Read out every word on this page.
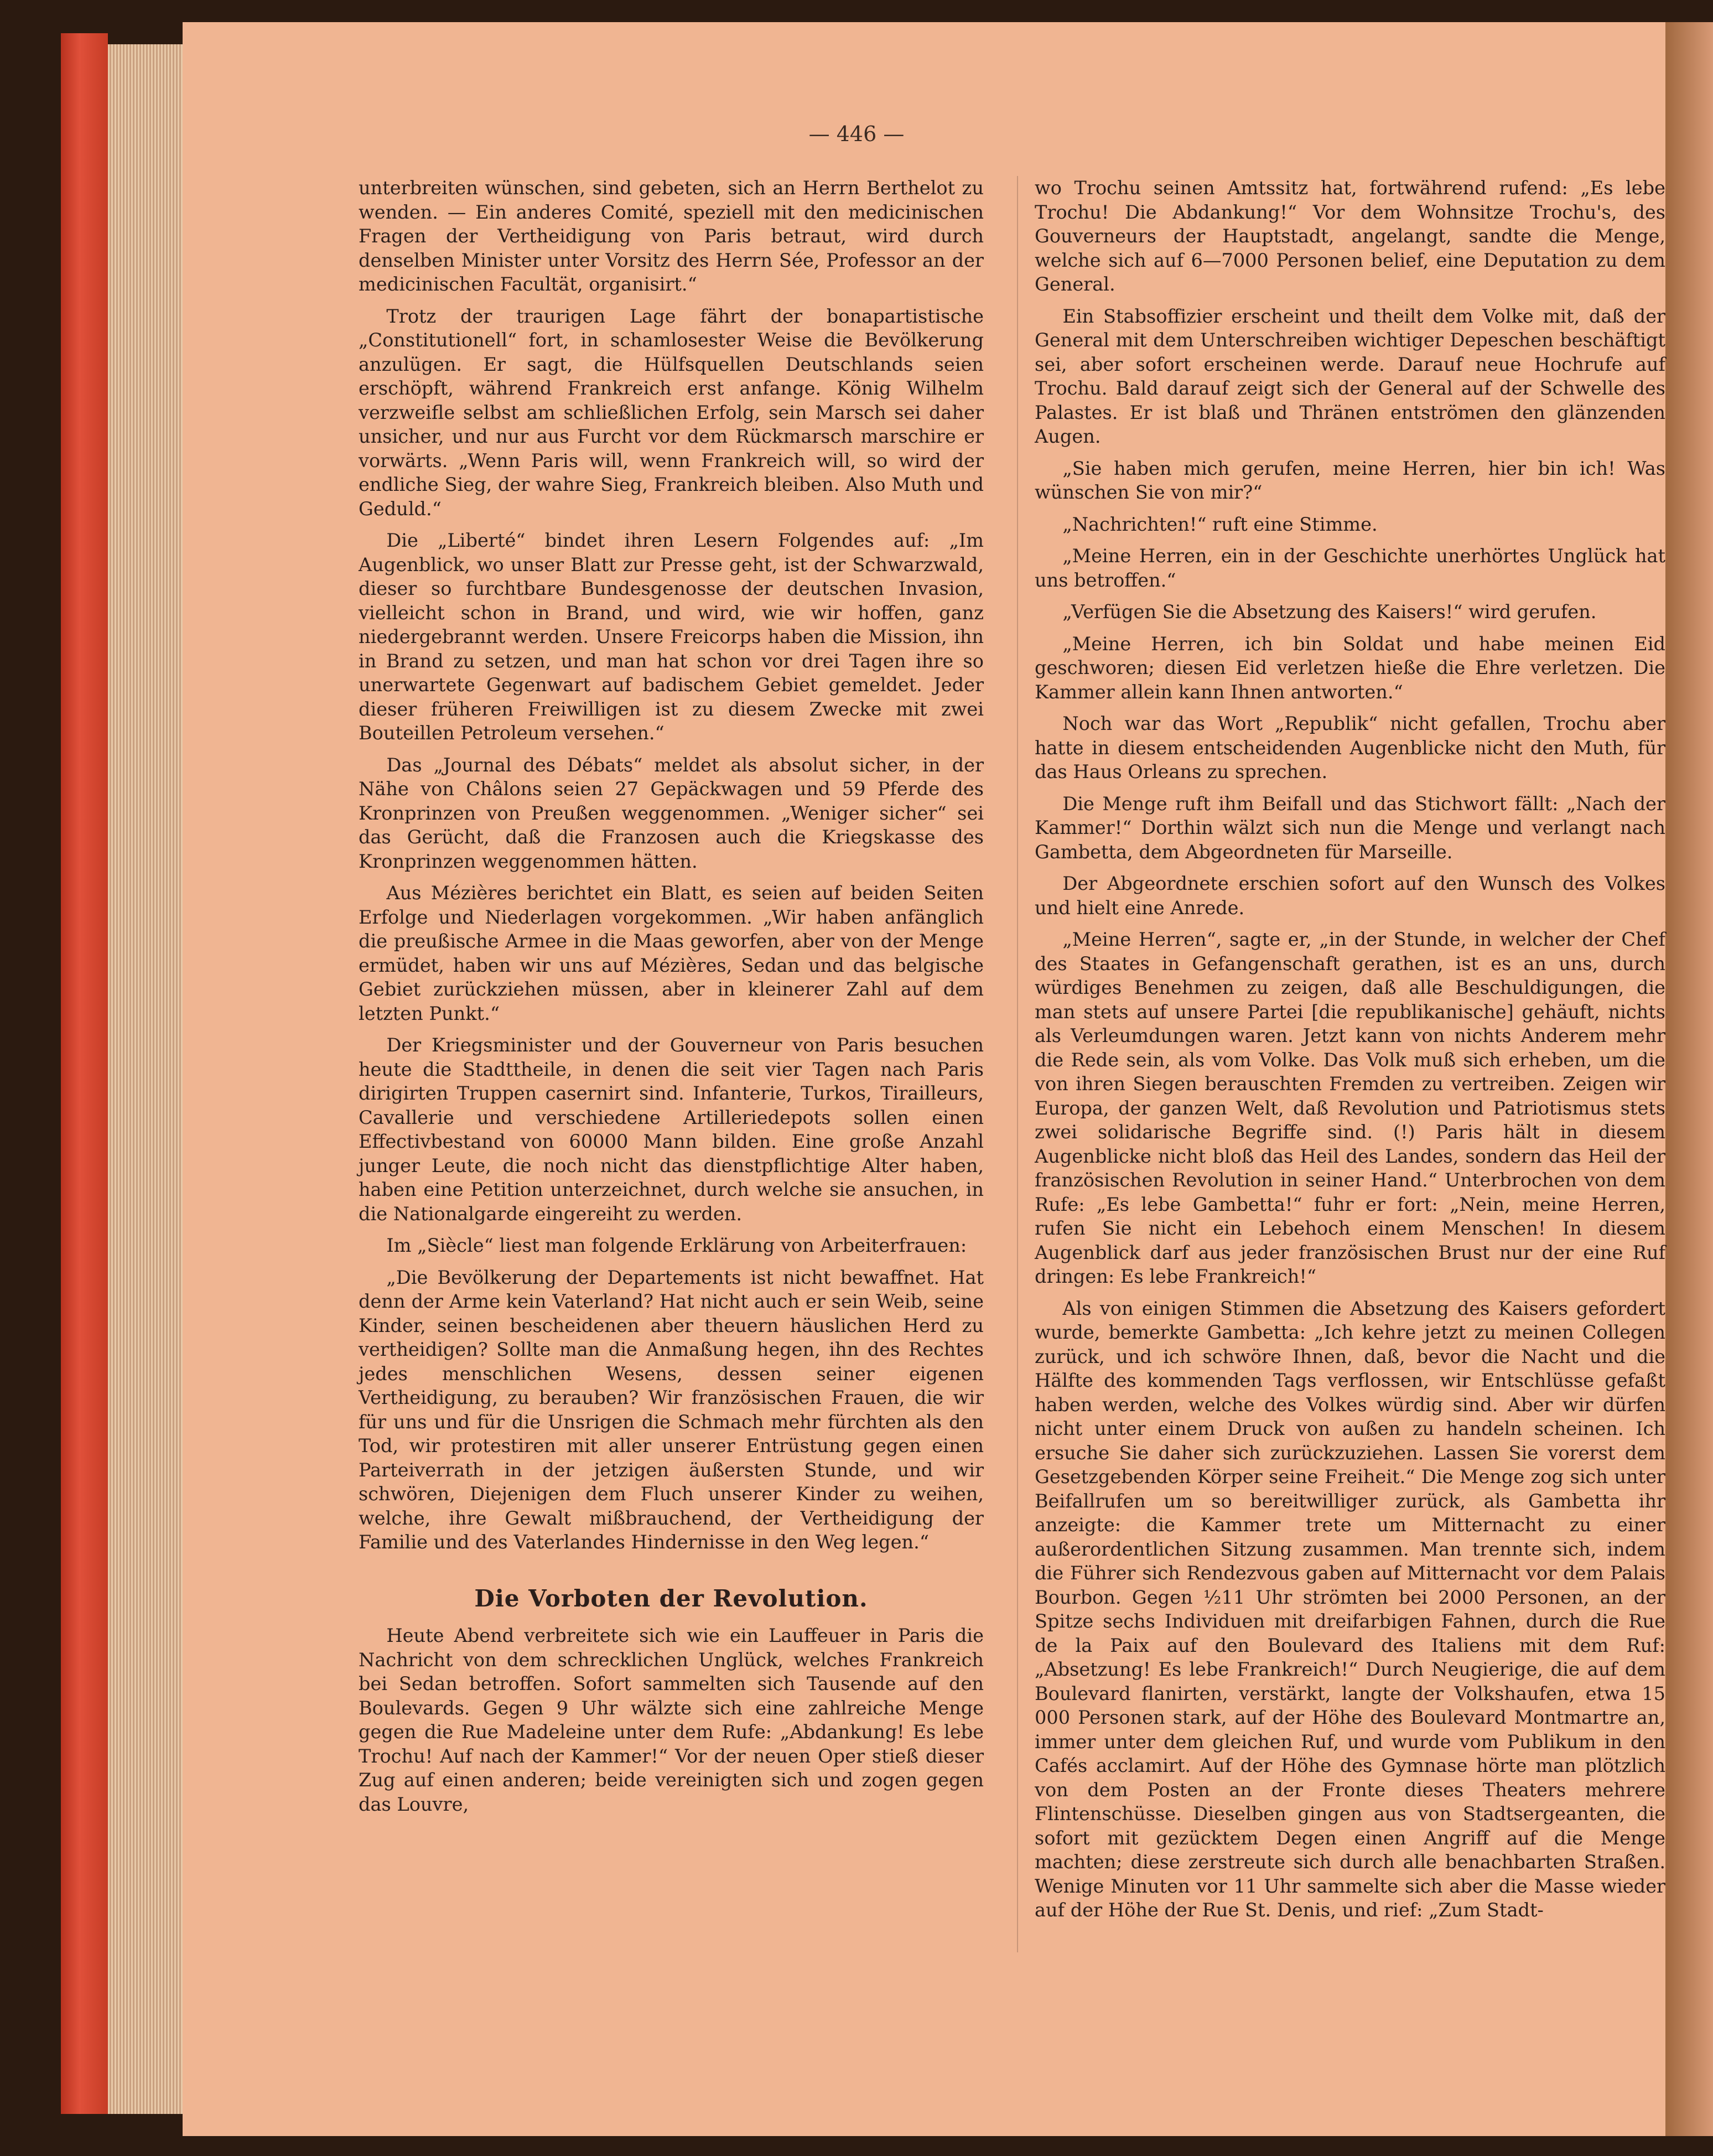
— 446 —

unterbreiten wünschen, sind gebeten, sich an Herrn Berthelot zu wenden. — Ein anderes Comité, speziell mit den medicinischen Fragen der Vertheidigung von Paris betraut, wird durch denselben Minister unter Vorsitz des Herrn Sée, Professor an der medicinischen Facultät, organisirt.“

Trotz der traurigen Lage fährt der bonapartistische „Constitutionell“ fort, in schamlosester Weise die Bevölkerung anzulügen. Er sagt, die Hülfsquellen Deutschlands seien erschöpft, während Frankreich erst anfange. König Wilhelm verzweifle selbst am schließlichen Erfolg, sein Marsch sei daher unsicher, und nur aus Furcht vor dem Rückmarsch marschire er vorwärts. „Wenn Paris will, wenn Frankreich will, so wird der endliche Sieg, der wahre Sieg, Frankreich bleiben. Also Muth und Geduld.“

Die „Liberté“ bindet ihren Lesern Folgendes auf: „Im Augenblick, wo unser Blatt zur Presse geht, ist der Schwarzwald, dieser so furchtbare Bundesgenosse der deutschen Invasion, vielleicht schon in Brand, und wird, wie wir hoffen, ganz niedergebrannt werden. Unsere Freicorps haben die Mission, ihn in Brand zu setzen, und man hat schon vor drei Tagen ihre so unerwartete Gegenwart auf badischem Gebiet gemeldet. Jeder dieser früheren Freiwilligen ist zu diesem Zwecke mit zwei Bouteillen Petroleum versehen.“

Das „Journal des Débats“ meldet als absolut sicher, in der Nähe von Châlons seien 27 Gepäckwagen und 59 Pferde des Kronprinzen von Preußen weggenommen. „Weniger sicher“ sei das Gerücht, daß die Franzosen auch die Kriegskasse des Kronprinzen weggenommen hätten.

Aus Mézières berichtet ein Blatt, es seien auf beiden Seiten Erfolge und Niederlagen vorgekommen. „Wir haben anfänglich die preußische Armee in die Maas geworfen, aber von der Menge ermüdet, haben wir uns auf Mézières, Sedan und das belgische Gebiet zurückziehen müssen, aber in kleinerer Zahl auf dem letzten Punkt.“

Der Kriegsminister und der Gouverneur von Paris besuchen heute die Stadttheile, in denen die seit vier Tagen nach Paris dirigirten Truppen casernirt sind. Infanterie, Turkos, Tirailleurs, Cavallerie und verschiedene Artilleriedepots sollen einen Effectivbestand von 60000 Mann bilden. Eine große Anzahl junger Leute, die noch nicht das dienstpflichtige Alter haben, haben eine Petition unterzeichnet, durch welche sie ansuchen, in die Nationalgarde eingereiht zu werden.

Im „Siècle“ liest man folgende Erklärung von Arbeiterfrauen:

„Die Bevölkerung der Departements ist nicht bewaffnet. Hat denn der Arme kein Vaterland? Hat nicht auch er sein Weib, seine Kinder, seinen bescheidenen aber theuern häuslichen Herd zu vertheidigen? Sollte man die Anmaßung hegen, ihn des Rechtes jedes menschlichen Wesens, dessen seiner eigenen Vertheidigung, zu berauben? Wir französischen Frauen, die wir für uns und für die Unsrigen die Schmach mehr fürchten als den Tod, wir protestiren mit aller unserer Entrüstung gegen einen Parteiverrath in der jetzigen äußersten Stunde, und wir schwören, Diejenigen dem Fluch unserer Kinder zu weihen, welche, ihre Gewalt mißbrauchend, der Vertheidigung der Familie und des Vaterlandes Hindernisse in den Weg legen.“

Die Vorboten der Revolution.

Heute Abend verbreitete sich wie ein Lauffeuer in Paris die Nachricht von dem schrecklichen Unglück, welches Frankreich bei Sedan betroffen. Sofort sammelten sich Tausende auf den Boulevards. Gegen 9 Uhr wälzte sich eine zahlreiche Menge gegen die Rue Madeleine unter dem Rufe: „Abdankung! Es lebe Trochu! Auf nach der Kammer!“ Vor der neuen Oper stieß dieser Zug auf einen anderen; beide vereinigten sich und zogen gegen das Louvre,

wo Trochu seinen Amtssitz hat, fortwährend rufend: „Es lebe Trochu! Die Abdankung!“ Vor dem Wohnsitze Trochu's, des Gouverneurs der Hauptstadt, angelangt, sandte die Menge, welche sich auf 6—7000 Personen belief, eine Deputation zu dem General.

Ein Stabsoffizier erscheint und theilt dem Volke mit, daß der General mit dem Unterschreiben wichtiger Depeschen beschäftigt sei, aber sofort erscheinen werde. Darauf neue Hochrufe auf Trochu. Bald darauf zeigt sich der General auf der Schwelle des Palastes. Er ist blaß und Thränen entströmen den glänzenden Augen.

„Sie haben mich gerufen, meine Herren, hier bin ich! Was wünschen Sie von mir?“

„Nachrichten!“ ruft eine Stimme.

„Meine Herren, ein in der Geschichte unerhörtes Unglück hat uns betroffen.“

„Verfügen Sie die Absetzung des Kaisers!“ wird gerufen.

„Meine Herren, ich bin Soldat und habe meinen Eid geschworen; diesen Eid verletzen hieße die Ehre verletzen. Die Kammer allein kann Ihnen antworten.“

Noch war das Wort „Republik“ nicht gefallen, Trochu aber hatte in diesem entscheidenden Augenblicke nicht den Muth, für das Haus Orleans zu sprechen.

Die Menge ruft ihm Beifall und das Stichwort fällt: „Nach der Kammer!“ Dorthin wälzt sich nun die Menge und verlangt nach Gambetta, dem Abgeordneten für Marseille.

Der Abgeordnete erschien sofort auf den Wunsch des Volkes und hielt eine Anrede.

„Meine Herren“, sagte er, „in der Stunde, in welcher der Chef des Staates in Gefangenschaft gerathen, ist es an uns, durch würdiges Benehmen zu zeigen, daß alle Beschuldigungen, die man stets auf unsere Partei [die republikanische] gehäuft, nichts als Verleumdungen waren. Jetzt kann von nichts Anderem mehr die Rede sein, als vom Volke. Das Volk muß sich erheben, um die von ihren Siegen berauschten Fremden zu vertreiben. Zeigen wir Europa, der ganzen Welt, daß Revolution und Patriotismus stets zwei solidarische Begriffe sind. (!) Paris hält in diesem Augenblicke nicht bloß das Heil des Landes, sondern das Heil der französischen Revolution in seiner Hand.“ Unterbrochen von dem Rufe: „Es lebe Gambetta!“ fuhr er fort: „Nein, meine Herren, rufen Sie nicht ein Lebehoch einem Menschen! In diesem Augenblick darf aus jeder französischen Brust nur der eine Ruf dringen: Es lebe Frankreich!“

Als von einigen Stimmen die Absetzung des Kaisers gefordert wurde, bemerkte Gambetta: „Ich kehre jetzt zu meinen Collegen zurück, und ich schwöre Ihnen, daß, bevor die Nacht und die Hälfte des kommenden Tags verflossen, wir Entschlüsse gefaßt haben werden, welche des Volkes würdig sind. Aber wir dürfen nicht unter einem Druck von außen zu handeln scheinen. Ich ersuche Sie daher sich zurückzuziehen. Lassen Sie vorerst dem Gesetzgebenden Körper seine Freiheit.“ Die Menge zog sich unter Beifallrufen um so bereitwilliger zurück, als Gambetta ihr anzeigte: die Kammer trete um Mitternacht zu einer außerordentlichen Sitzung zusammen. Man trennte sich, indem die Führer sich Rendezvous gaben auf Mitternacht vor dem Palais Bourbon. Gegen ½11 Uhr strömten bei 2000 Personen, an der Spitze sechs Individuen mit dreifarbigen Fahnen, durch die Rue de la Paix auf den Boulevard des Italiens mit dem Ruf: „Absetzung! Es lebe Frankreich!“ Durch Neugierige, die auf dem Boulevard flanirten, verstärkt, langte der Volkshaufen, etwa 15 000 Personen stark, auf der Höhe des Boulevard Montmartre an, immer unter dem gleichen Ruf, und wurde vom Publikum in den Cafés acclamirt. Auf der Höhe des Gymnase hörte man plötzlich von dem Posten an der Fronte dieses Theaters mehrere Flintenschüsse. Dieselben gingen aus von Stadtsergeanten, die sofort mit gezücktem Degen einen Angriff auf die Menge machten; diese zerstreute sich durch alle benachbarten Straßen. Wenige Minuten vor 11 Uhr sammelte sich aber die Masse wieder auf der Höhe der Rue St. Denis, und rief: „Zum Stadt-
